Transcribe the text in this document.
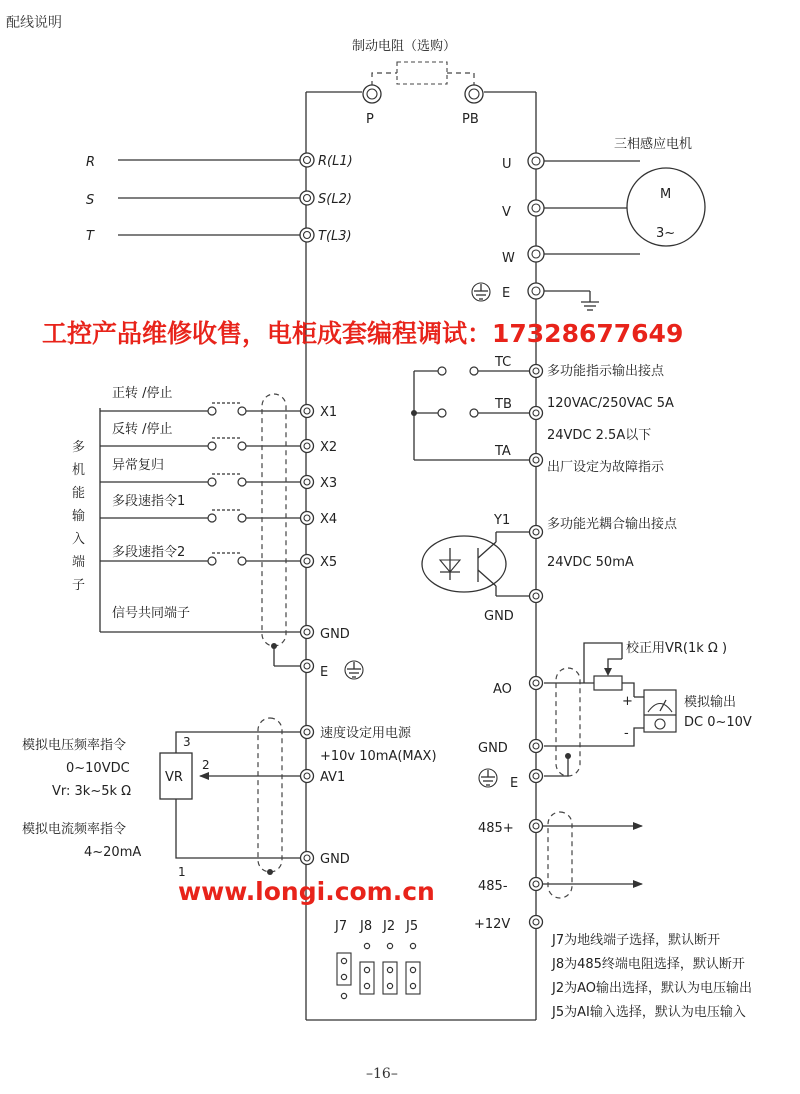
配线说明
–16–
制动电阻（选购）
P	PB
R
S
T
R(L1)
S(L2)
T(L3)
U
V
W
E
M
3~
三相感应电机
TC
TB
TA
多功能指示输出接点
120VAC/250VAC 5A
24VDC 2.5A以下
出厂设定为故障指示
Y1
GND
多功能光耦合输出接点
24VDC 50mA
多
机
能
输
入
端
子
正转 /停止
反转 /停止
异常复归
多段速指令1
多段速指令2
信号共同端子
X1
X2
X3
X4
X5
GND
E
模拟电压频率指令
0~10VDC
Vr: 3k~5k Ω
模拟电流频率指令
4~20mA
VR
3
2
1
速度设定用电源
+10v 10mA(MAX)
AV1
GND
校正用VR(1k Ω )
+
-
模拟输出
DC 0~10V
AO
GND
E
485+
485-
+12V
J7 J8 J2 J5
J7为地线端子选择，默认断开
J8为485终端电阻选择，默认断开
J2为AO输出选择，默认为电压输出
J5为AI输入选择，默认为电压输入
工控产品维修收售，电柜成套编程调试：17328677649
www.longi.com.cn
